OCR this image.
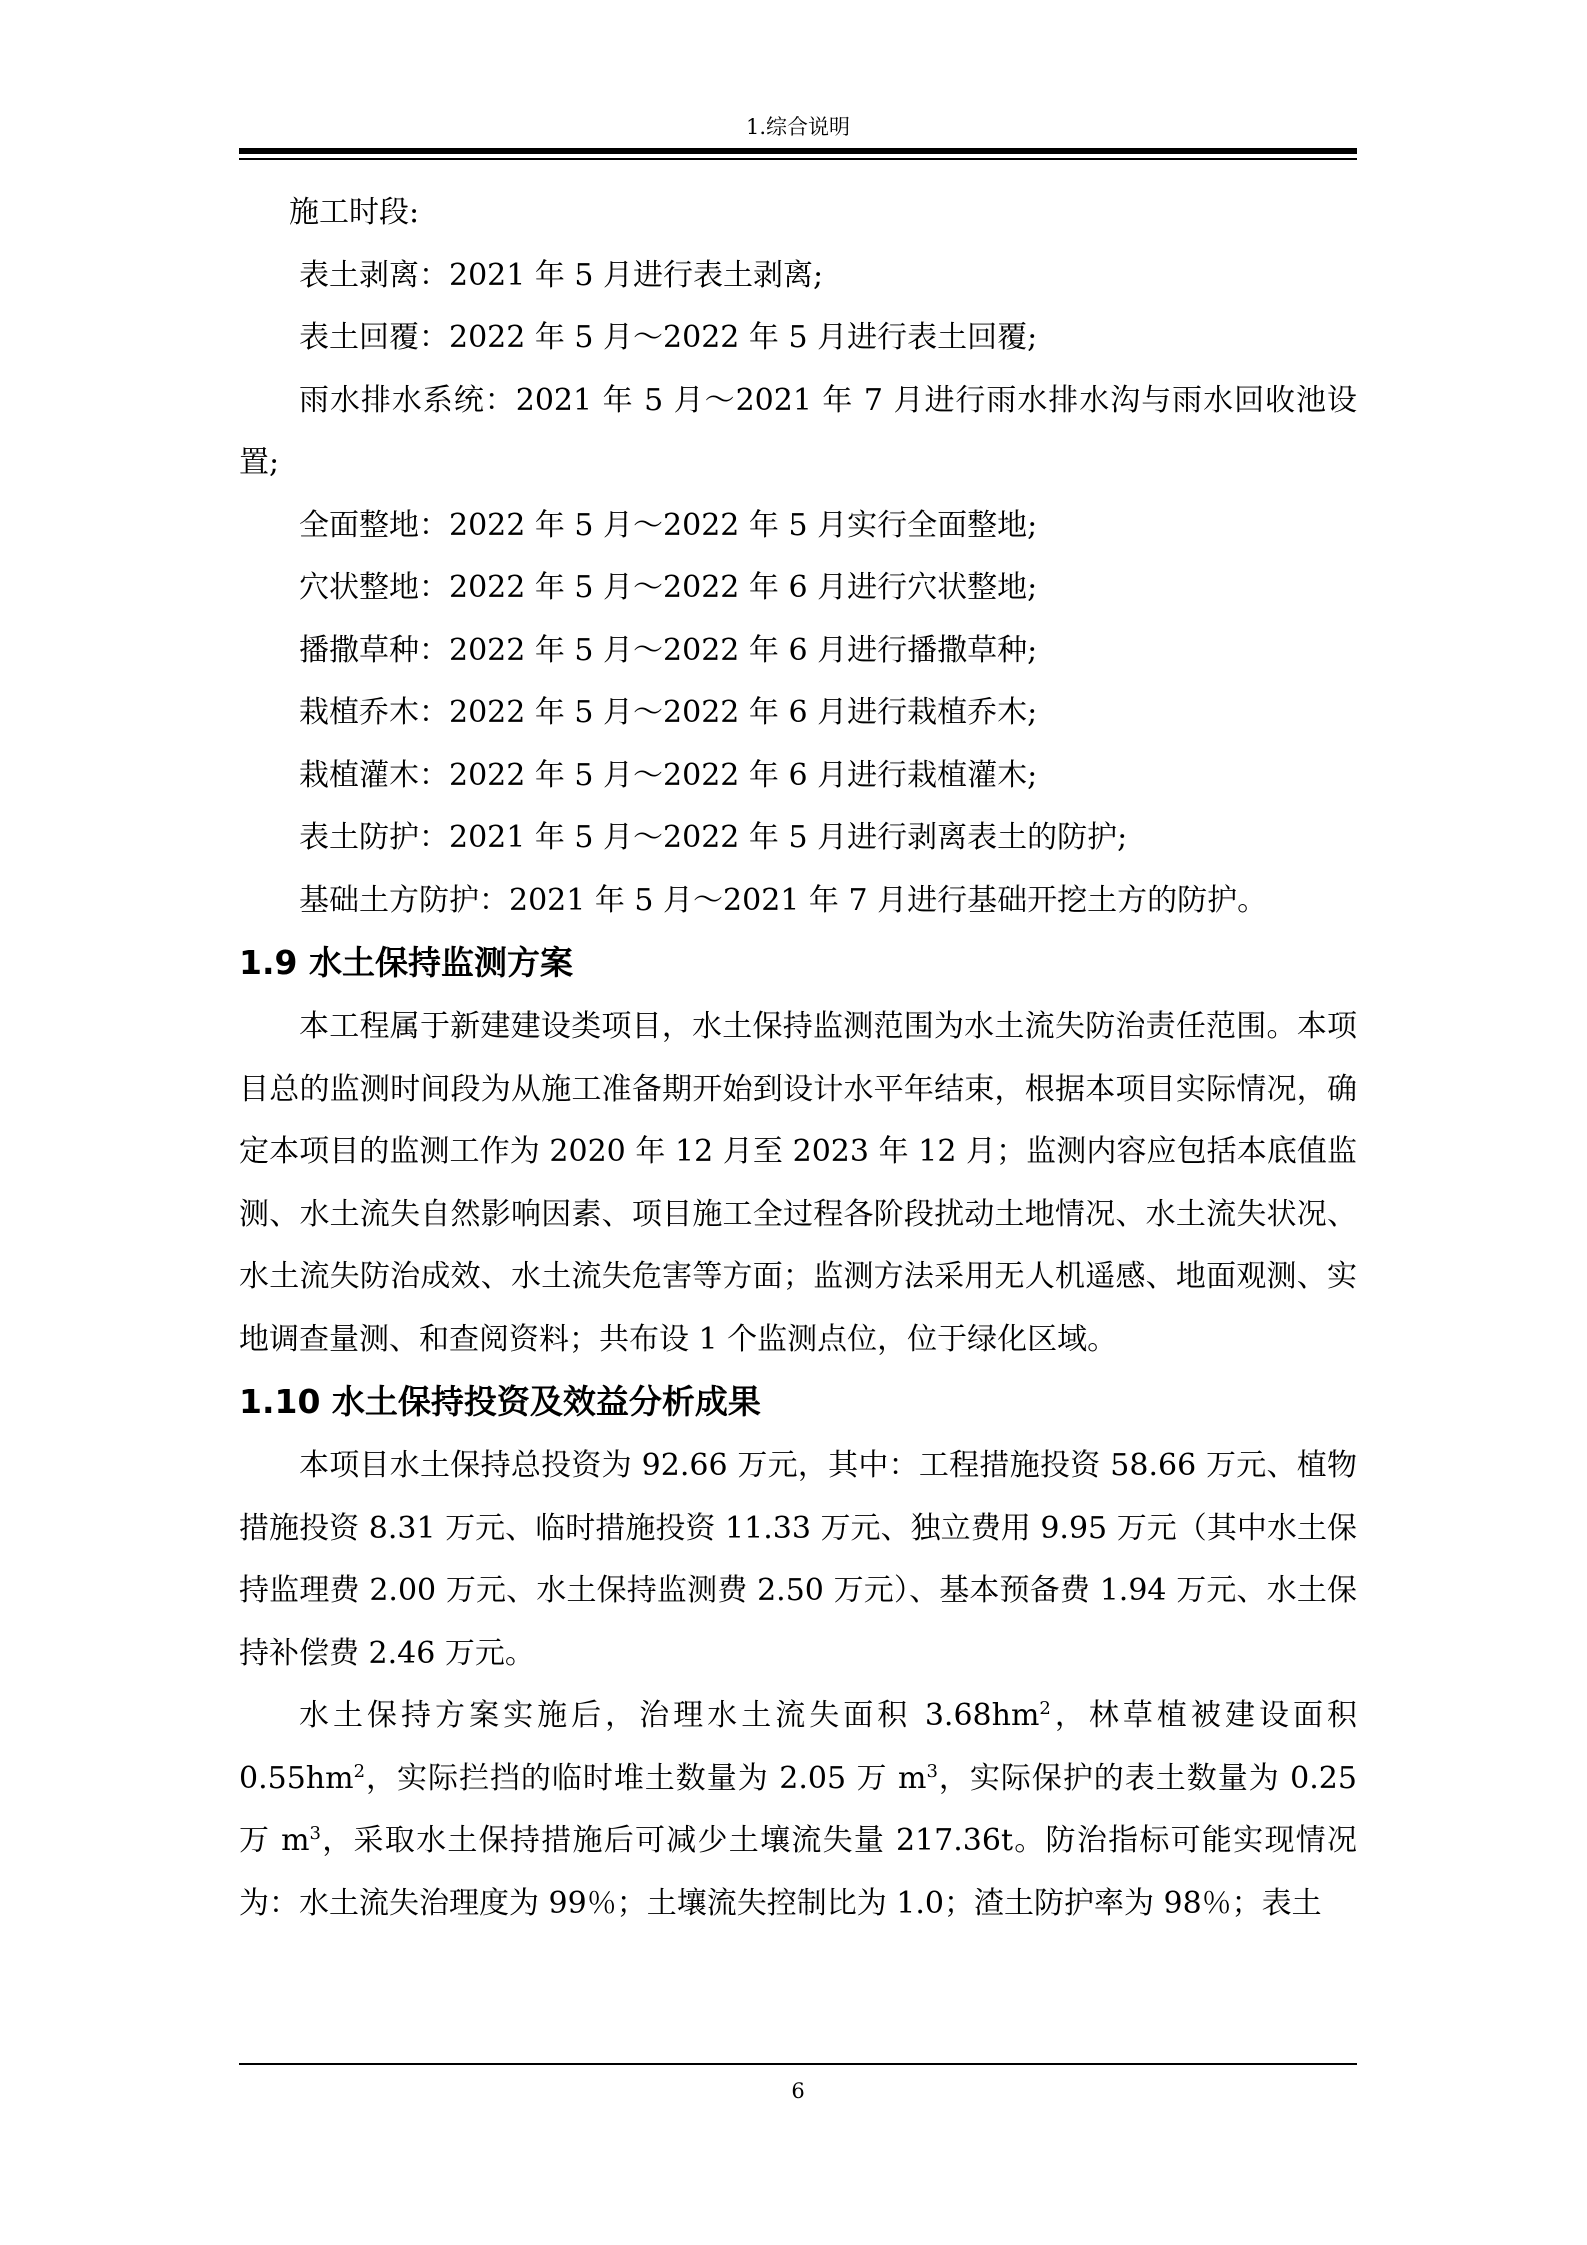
1.综合说明

施工时段:

表土剥离：2021 年 5 月进行表土剥离;

表土回覆：2022 年 5 月～2022 年 5 月进行表土回覆;

雨水排水系统：2021 年 5 月～2021 年 7 月进行雨水排水沟与雨水回收池设置;

全面整地：2022 年 5 月～2022 年 5 月实行全面整地;

穴状整地：2022 年 5 月～2022 年 6 月进行穴状整地;

播撒草种：2022 年 5 月～2022 年 6 月进行播撒草种;

栽植乔木：2022 年 5 月～2022 年 6 月进行栽植乔木;

栽植灌木：2022 年 5 月～2022 年 6 月进行栽植灌木;

表土防护：2021 年 5 月～2022 年 5 月进行剥离表土的防护;

基础土方防护：2021 年 5 月～2021 年 7 月进行基础开挖土方的防护。

1.9 水土保持监测方案

本工程属于新建建设类项目，水土保持监测范围为水土流失防治责任范围。本项目总的监测时间段为从施工准备期开始到设计水平年结束，根据本项目实际情况，确定本项目的监测工作为 2020 年 12 月至 2023 年 12 月；监测内容应包括本底值监测、水土流失自然影响因素、项目施工全过程各阶段扰动土地情况、水土流失状况、水土流失防治成效、水土流失危害等方面；监测方法采用无人机遥感、地面观测、实地调查量测、和查阅资料；共布设 1 个监测点位，位于绿化区域。

1.10 水土保持投资及效益分析成果

本项目水土保持总投资为 92.66 万元，其中：工程措施投资 58.66 万元、植物措施投资 8.31 万元、临时措施投资 11.33 万元、独立费用 9.95 万元（其中水土保持监理费 2.00 万元、水土保持监测费 2.50 万元）、基本预备费 1.94 万元、水土保持补偿费 2.46 万元。

水土保持方案实施后，治理水土流失面积 $3.68hm^2$，林草植被建设面积 $0.55hm^2$，实际拦挡的临时堆土数量为 2.05 万 $m^3$，实际保护的表土数量为 0.25 万 $m^3$，采取水土保持措施后可减少土壤流失量 217.36t。防治指标可能实现情况为：水土流失治理度为 99％；土壤流失控制比为 1.0；渣土防护率为 98％；表土

6
